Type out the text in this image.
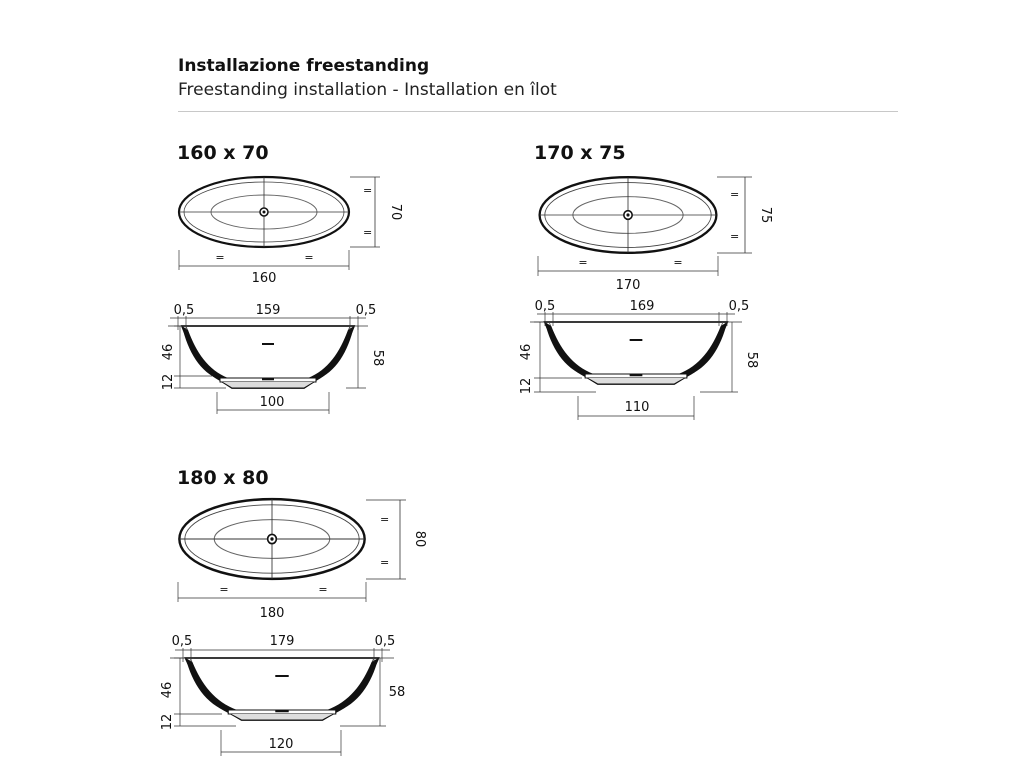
Installazione freestanding
Freestanding installation - Installation en îlot
160 x 70	170 x 75
180 x 80
=
=
70
=	=
160
0,5	159	0,5
46
12
58
100
=
=
75
=	=
170
0,5	169	0,5
46
12
58
110
=
=
80
=	=
180
0,5	179	0,5
46
12
58
120
